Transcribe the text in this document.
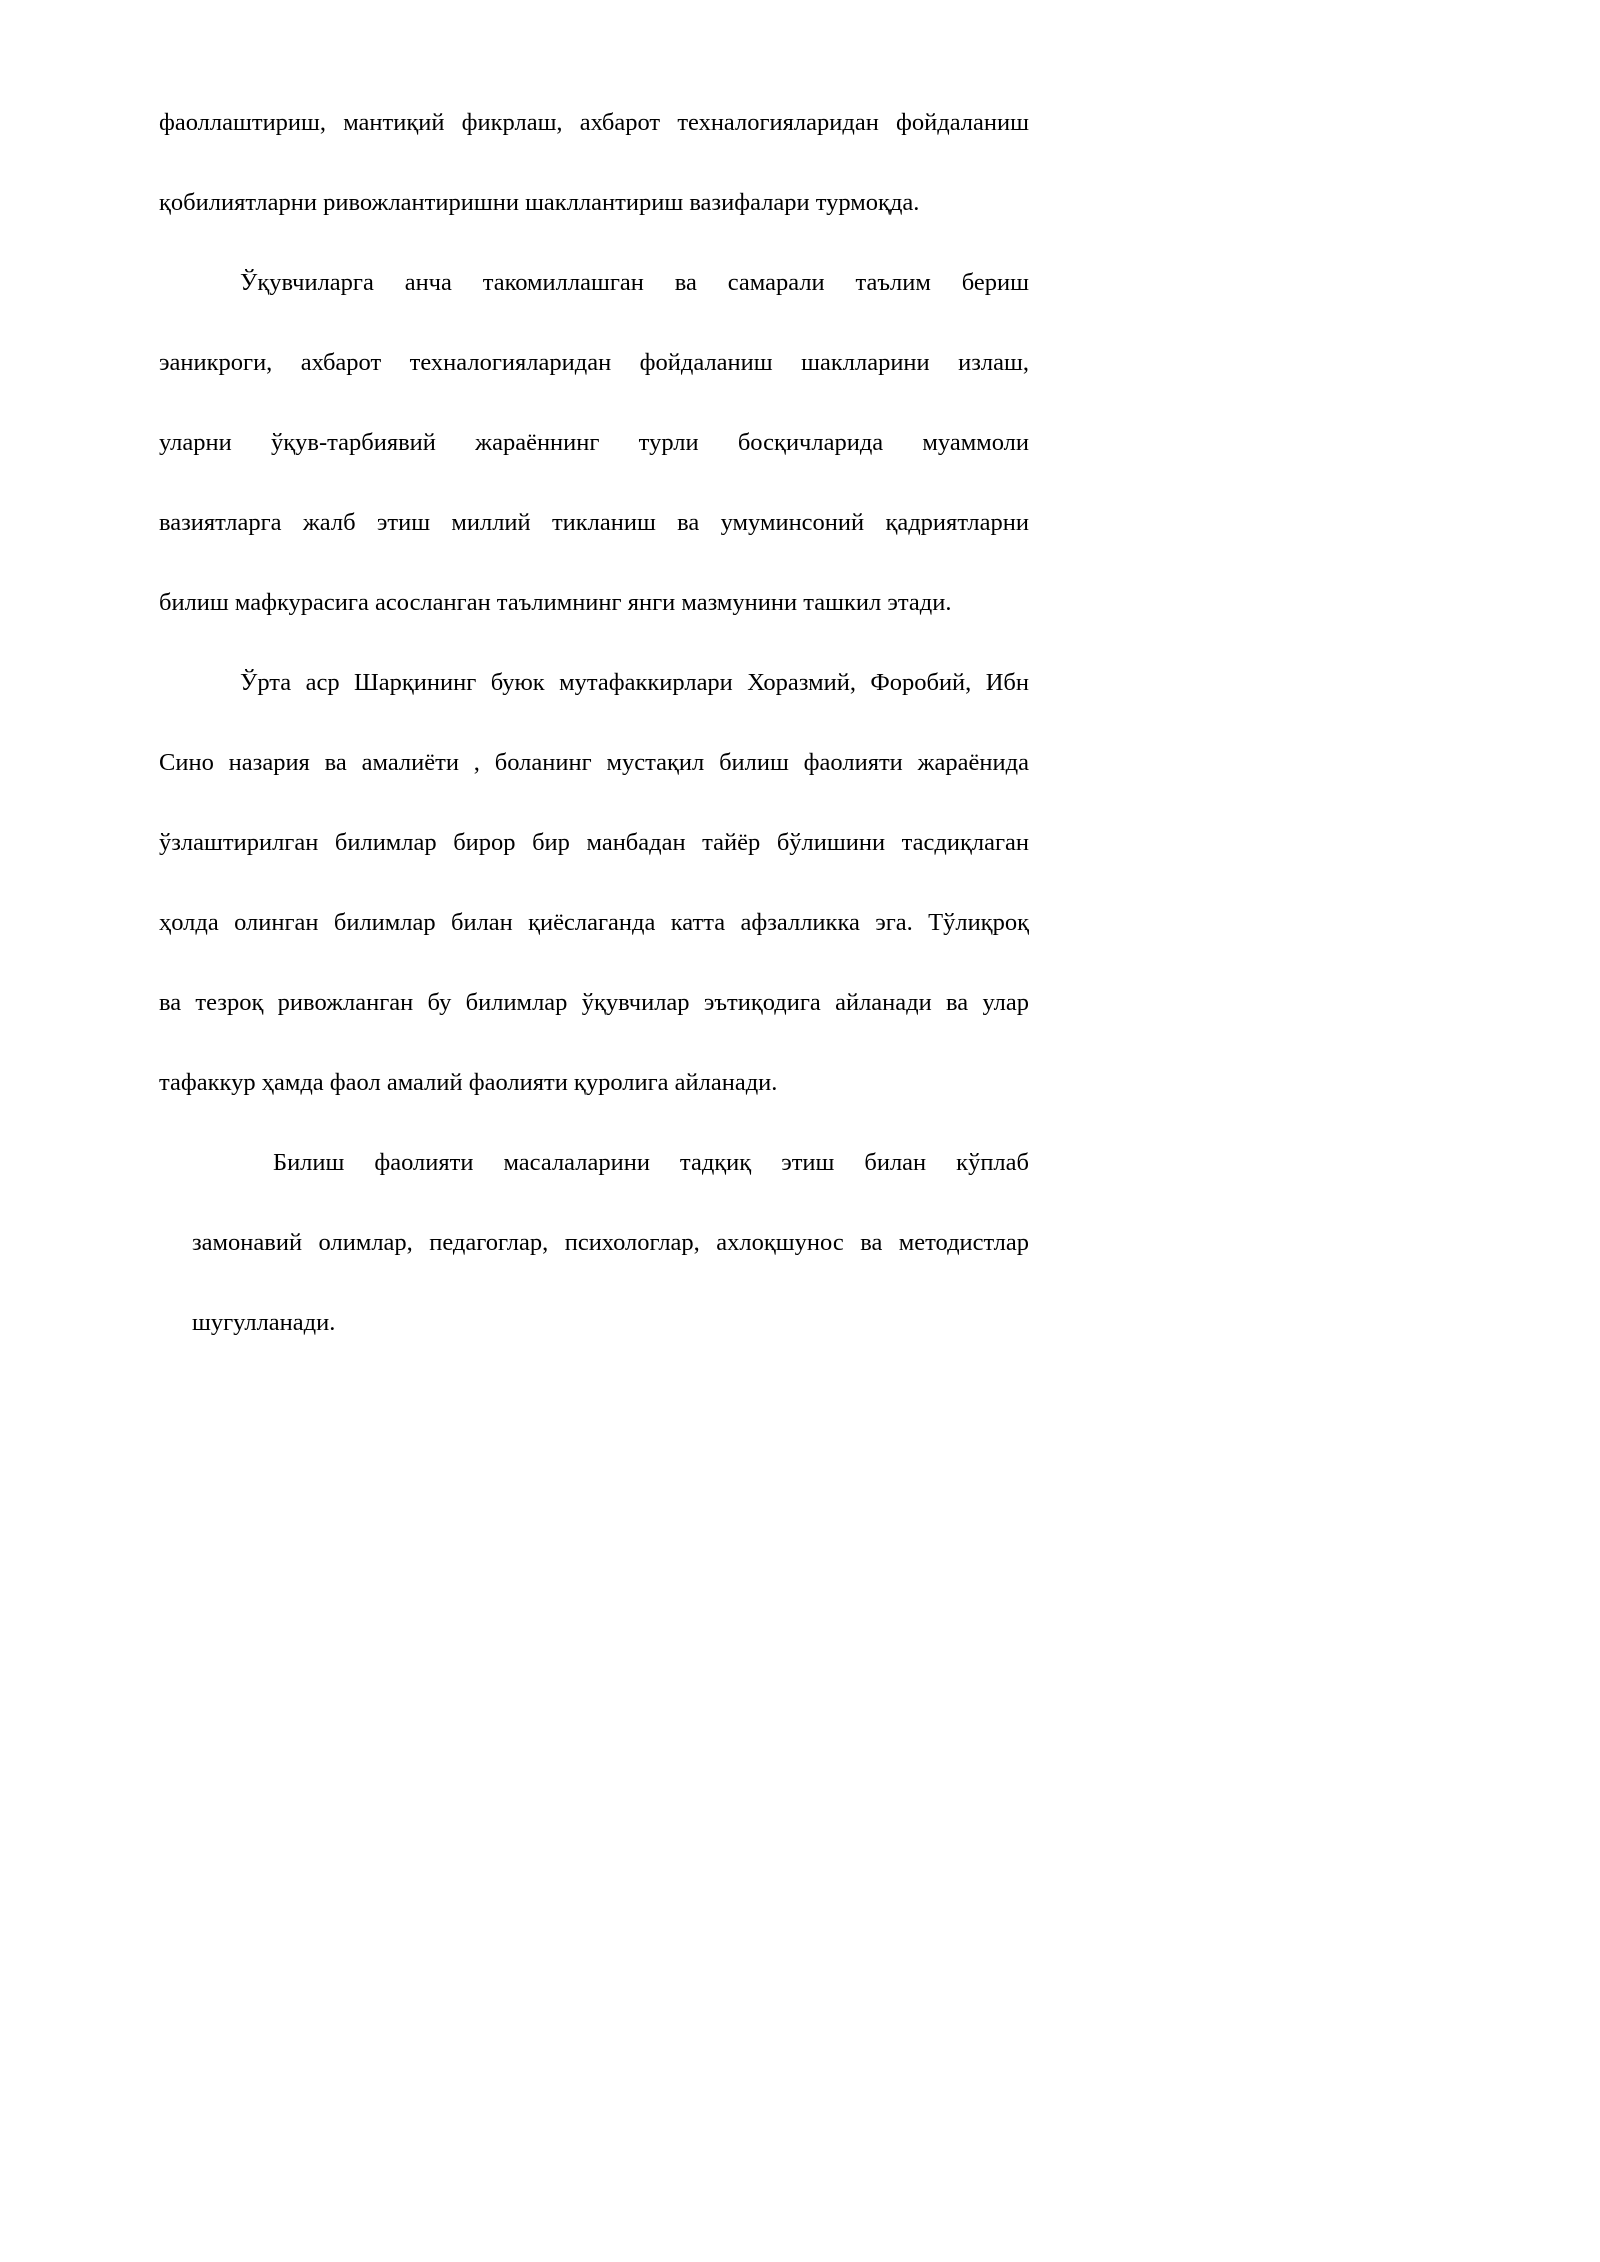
фаоллаштириш, мантиқий фикрлаш, ахбарот техналогияларидан фойдаланиш

қобилиятларни ривожлантиришни шакллантириш вазифалари турмоқда.

Ўқувчиларга анча такомиллашган ва самарали таълим бериш

эаникроги, ахбарот техналогияларидан фойдаланиш шаклларини излаш,

уларни ўқув-тарбиявий жараённинг турли босқичларида муаммоли

вазиятларга жалб этиш миллий тикланиш ва умуминсоний қадриятларни

билиш мафкурасига асосланган таълимнинг янги мазмунини ташкил этади.

Ўрта аср Шарқининг буюк мутафаккирлари Хоразмий, Форобий, Ибн

Сино назария ва амалиёти , боланинг мустақил билиш фаолияти жараёнида

ўзлаштирилган билимлар бирор бир манбадан тайёр бўлишини тасдиқлаган

ҳолда олинган билимлар билан қиёслаганда катта афзалликка эга. Тўлиқроқ

ва тезроқ ривожланган бу билимлар ўқувчилар эътиқодига айланади ва улар

тафаккур ҳамда фаол амалий фаолияти қуролига айланади.

Билиш фаолияти масалаларини тадқиқ этиш билан кўплаб

замонавий олимлар, педагоглар, психологлар, ахлоқшунос ва методистлар

шугулланади.
